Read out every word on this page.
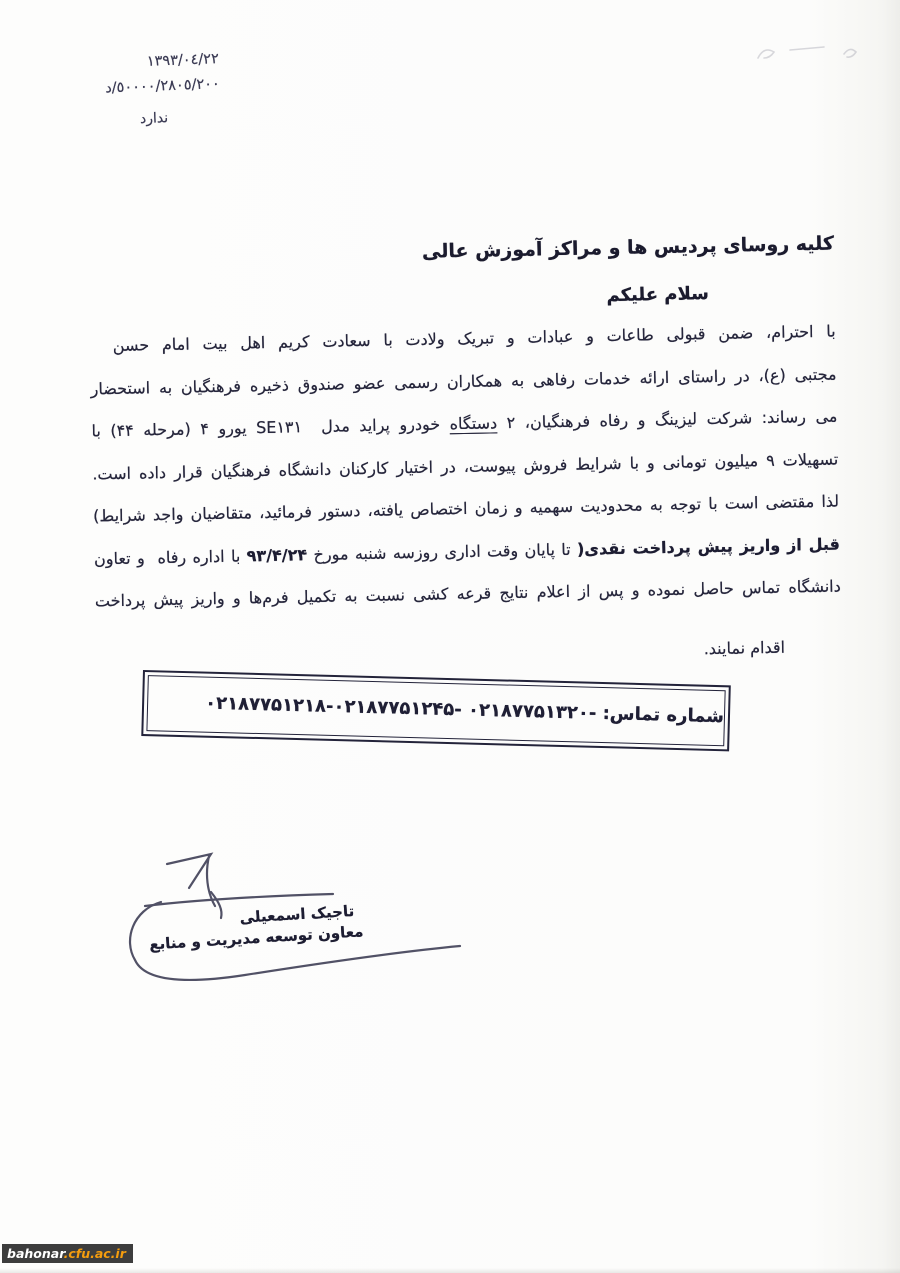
١٣٩٣/٠٤/٢٢
٥٠٠٠٠/٢٨٠٥/٢٠٠/د
ندارد
کلیه روسای پردیس ها و مراکز آموزش عالی
سلام علیکم
با احترام، ضمن قبولی طاعات و عبادات و تبریک ولادت با سعادت کریم اهل بیت امام حسن
مجتبی (ع)، در راستای ارائه خدمات رفاهی به همکاران رسمی عضو صندوق ذخیره فرهنگیان به استحضار
می رساند: شرکت لیزینگ و رفاه فرهنگیان، ۲ دستگاه خودرو پراید مدل  SE۱۳۱ یورو ۴ (مرحله ۴۴) با
تسهیلات ۹ میلیون تومانی و با شرایط فروش پیوست، در اختیار کارکنان دانشگاه فرهنگیان قرار داده است.
لذا مقتضی است با توجه به محدودیت سهمیه و زمان اختصاص یافته، دستور فرمائید، متقاضیان واجد شرایط)
قبل از واریز پیش پرداخت نقدی( تا پایان وقت اداری روزسه شنبه مورخ ۹۳/۴/۲۴ با اداره رفاه  و تعاون
دانشگاه تماس حاصل نموده و پس از اعلام نتایج قرعه کشی نسبت به تکمیل فرم‌ها و واریز پیش پرداخت
اقدام نمایند.
شماره تماس: -۰۲۱۸۷۷۵۱۳۲۰ -۰۲۱۸۷۷۵۱۲۴۵-۰۲۱۸۷۷۵۱۲۱۸
تاجیک اسمعیلی
معاون توسعه مدیریت و منابع
bahonar.cfu.ac.ir
